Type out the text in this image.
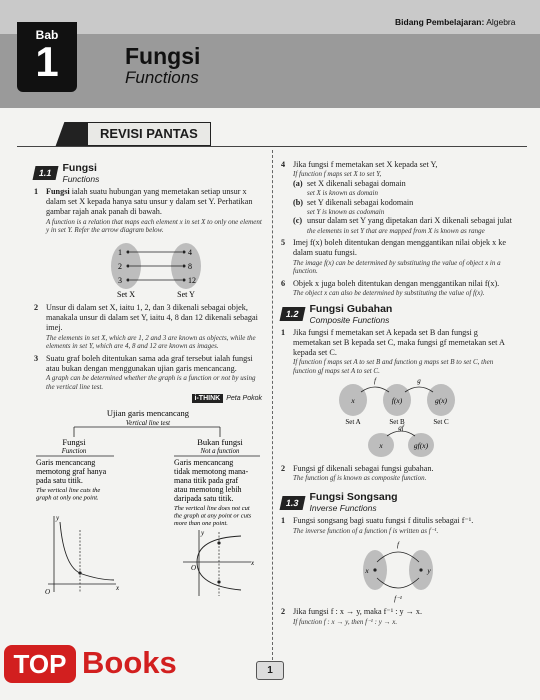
Bidang Pembelajaran: Algebra
Bab
1	Fungsi
Functions
REVISI PANTAS
1.1 Fungsi
Functions
1 Fungsi ialah suatu hubungan yang memetakan setiap unsur x dalam set X kepada hanya satu unsur y dalam set Y. Perhatikan gambar rajah anak panah di bawah.
A function is a relation that maps each element x in set X to only one element y in set Y. Refer the arrow diagram below.
1	4
2	8
3	12
Set X	Set Y
2 Unsur di dalam set X, iaitu 1, 2, dan 3 dikenali sebagai objek, manakala unsur di dalam set Y, iaitu 4, 8 dan 12 dikenali sebagai imej.
The elements in set X, which are 1, 2 and 3 are known as objects, while the elements in set Y, which are 4, 8 and 12 are known as images.
3 Suatu graf boleh ditentukan sama ada graf tersebut ialah fungsi atau bukan dengan menggunakan ujian garis mencancang.
A graph can be determined whether the graph is a function or not by using the vertical line test.
i-THINK Peta Pokok
Ujian garis mencancang
Vertical line test
Fungsi
Function
Bukan fungsi
Not a function
Garis mencancang
memotong graf hanya
pada satu titik.
The vertical line cuts the
graph at only one point.
Garis mencancang
tidak memotong mana-
mana titik pada graf
atau memotong lebih
daripada satu titik.
The vertical line does not cut
the graph at any point or cuts
more than one point.
y
x
O
y
x
O
4 Jika fungsi f memetakan set X kepada set Y,
If function f maps set X to set Y,
(a) set X dikenali sebagai domain
set X is known as domain
(b) set Y dikenali sebagai kodomain
set Y is known as codomain
(c) unsur dalam set Y yang dipetakan dari X dikenali sebagai julat
the elements in set Y that are mapped from X is known as range
5 Imej f(x) boleh ditentukan dengan menggantikan nilai objek x ke dalam suatu fungsi.
The image f(x) can be determined by substituting the value of object x in a function.
6 Objek x juga boleh ditentukan dengan menggantikan nilai f(x).
The object x can also be determined by substituting the value of f(x).
1.2 Fungsi Gubahan
Composite Functions
1 Jika fungsi f memetakan set A kepada set B dan fungsi g memetakan set B kepada set C, maka fungsi gf memetakan set A kepada set C.
If function f maps set A to set B and function g maps set B to set C, then function gf maps set A to set C.
x	f(x)	g(x)
f	g
Set A	Set B	Set C
x	gf(x)
gf
2 Fungsi gf dikenali sebagai fungsi gubahan.
The function gf is known as composite function.
1.3 Fungsi Songsang
Inverse Functions
1 Fungsi songsang bagi suatu fungsi f ditulis sebagai f⁻¹.
The inverse function of a function f is written as f⁻¹.
x	y
f
f⁻¹
2 Jika fungsi f : x → y, maka f⁻¹ : y → x.
If function f : x → y, then f⁻¹ : y → x.
1
TOP Books
